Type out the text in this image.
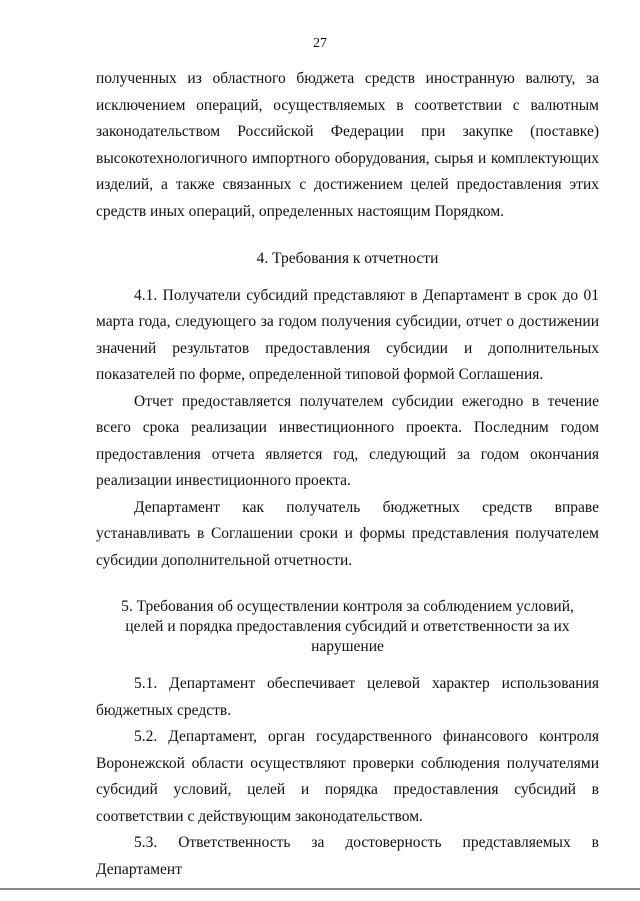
27

полученных из областного бюджета средств иностранную валюту, за исключением операций, осуществляемых в соответствии с валютным законодательством Российской Федерации при закупке (поставке) высокотехнологичного импортного оборудования, сырья и комплектующих изделий, а также связанных с достижением целей предоставления этих средств иных операций, определенных настоящим Порядком.

4. Требования к отчетности

4.1. Получатели субсидий представляют в Департамент в срок до 01 марта года, следующего за годом получения субсидии, отчет о достижении значений результатов предоставления субсидии и дополнительных показателей по форме, определенной типовой формой Соглашения.

Отчет предоставляется получателем субсидии ежегодно в течение всего срока реализации инвестиционного проекта. Последним годом предоставления отчета является год, следующий за годом окончания реализации инвестиционного проекта.

Департамент как получатель бюджетных средств вправе устанавливать в Соглашении сроки и формы представления получателем субсидии дополнительной отчетности.

5. Требования об осуществлении контроля за соблюдением условий, целей и порядка предоставления субсидий и ответственности за их нарушение

5.1. Департамент обеспечивает целевой характер использования бюджетных средств.

5.2. Департамент, орган государственного финансового контроля Воронежской области осуществляют проверки соблюдения получателями субсидий условий, целей и порядка предоставления субсидий в соответствии с действующим законодательством.

5.3. Ответственность за достоверность представляемых в Департамент
